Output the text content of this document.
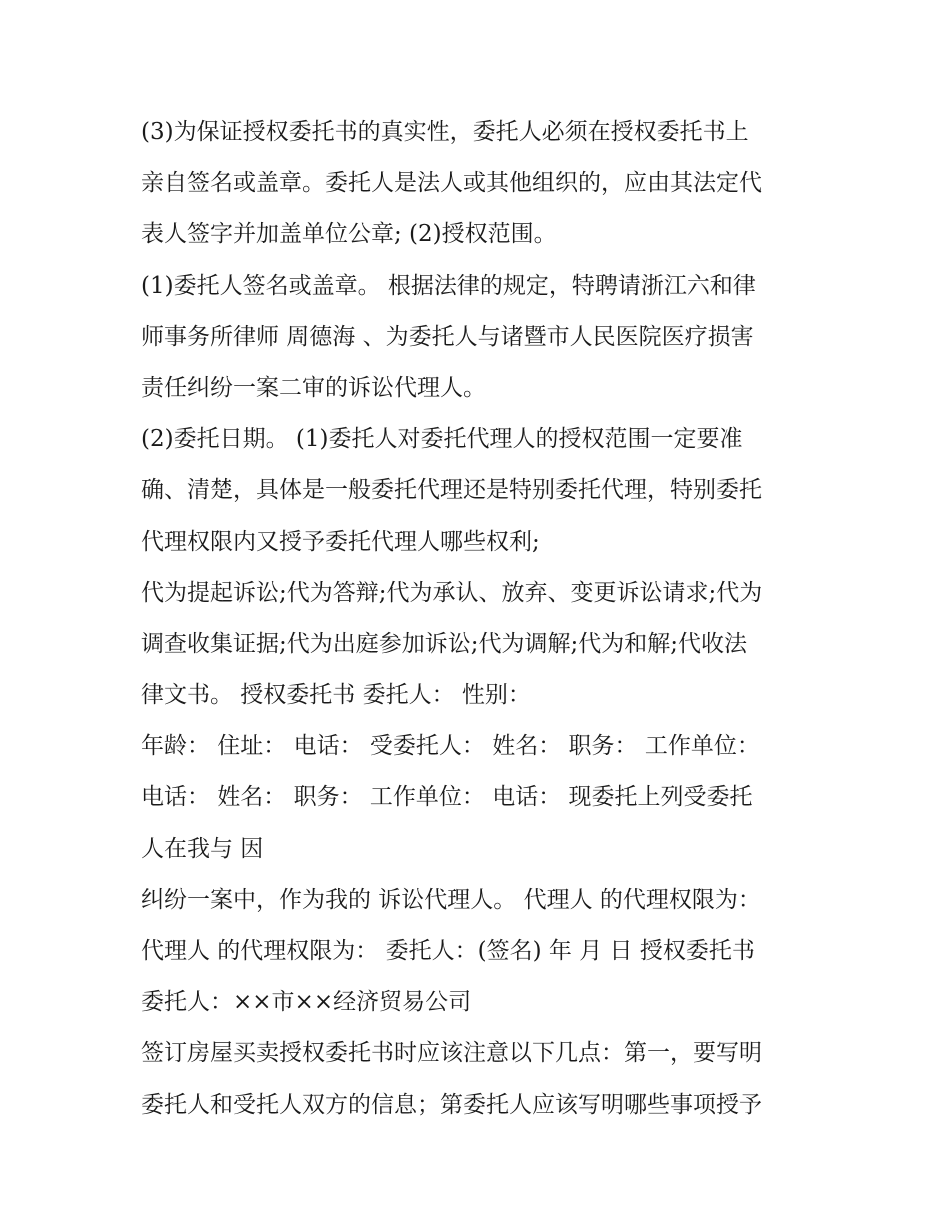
(3)为保证授权委托书的真实性，委托人必须在授权委托书上
亲自签名或盖章。委托人是法人或其他组织的，应由其法定代
表人签字并加盖单位公章; (2)授权范围。
(1)委托人签名或盖章。 根据法律的规定，特聘请浙江六和律
师事务所律师 周德海 、为委托人与诸暨市人民医院医疗损害
责任纠纷一案二审的诉讼代理人。
(2)委托日期。 (1)委托人对委托代理人的授权范围一定要准
确、清楚，具体是一般委托代理还是特别委托代理，特别委托
代理权限内又授予委托代理人哪些权利;
代为提起诉讼;代为答辩;代为承认、放弃、变更诉讼请求;代为
调查收集证据;代为出庭参加诉讼;代为调解;代为和解;代收法
律文书。 授权委托书 委托人： 性别：
年龄： 住址： 电话： 受委托人： 姓名： 职务： 工作单位：
电话： 姓名： 职务： 工作单位： 电话： 现委托上列受委托
人在我与 因
纠纷一案中，作为我的 诉讼代理人。 代理人 的代理权限为：
代理人 的代理权限为： 委托人：(签名) 年 月 日 授权委托书
委托人：××市××经济贸易公司
签订房屋买卖授权委托书时应该注意以下几点：第一，要写明
委托人和受托人双方的信息；第委托人应该写明哪些事项授予
